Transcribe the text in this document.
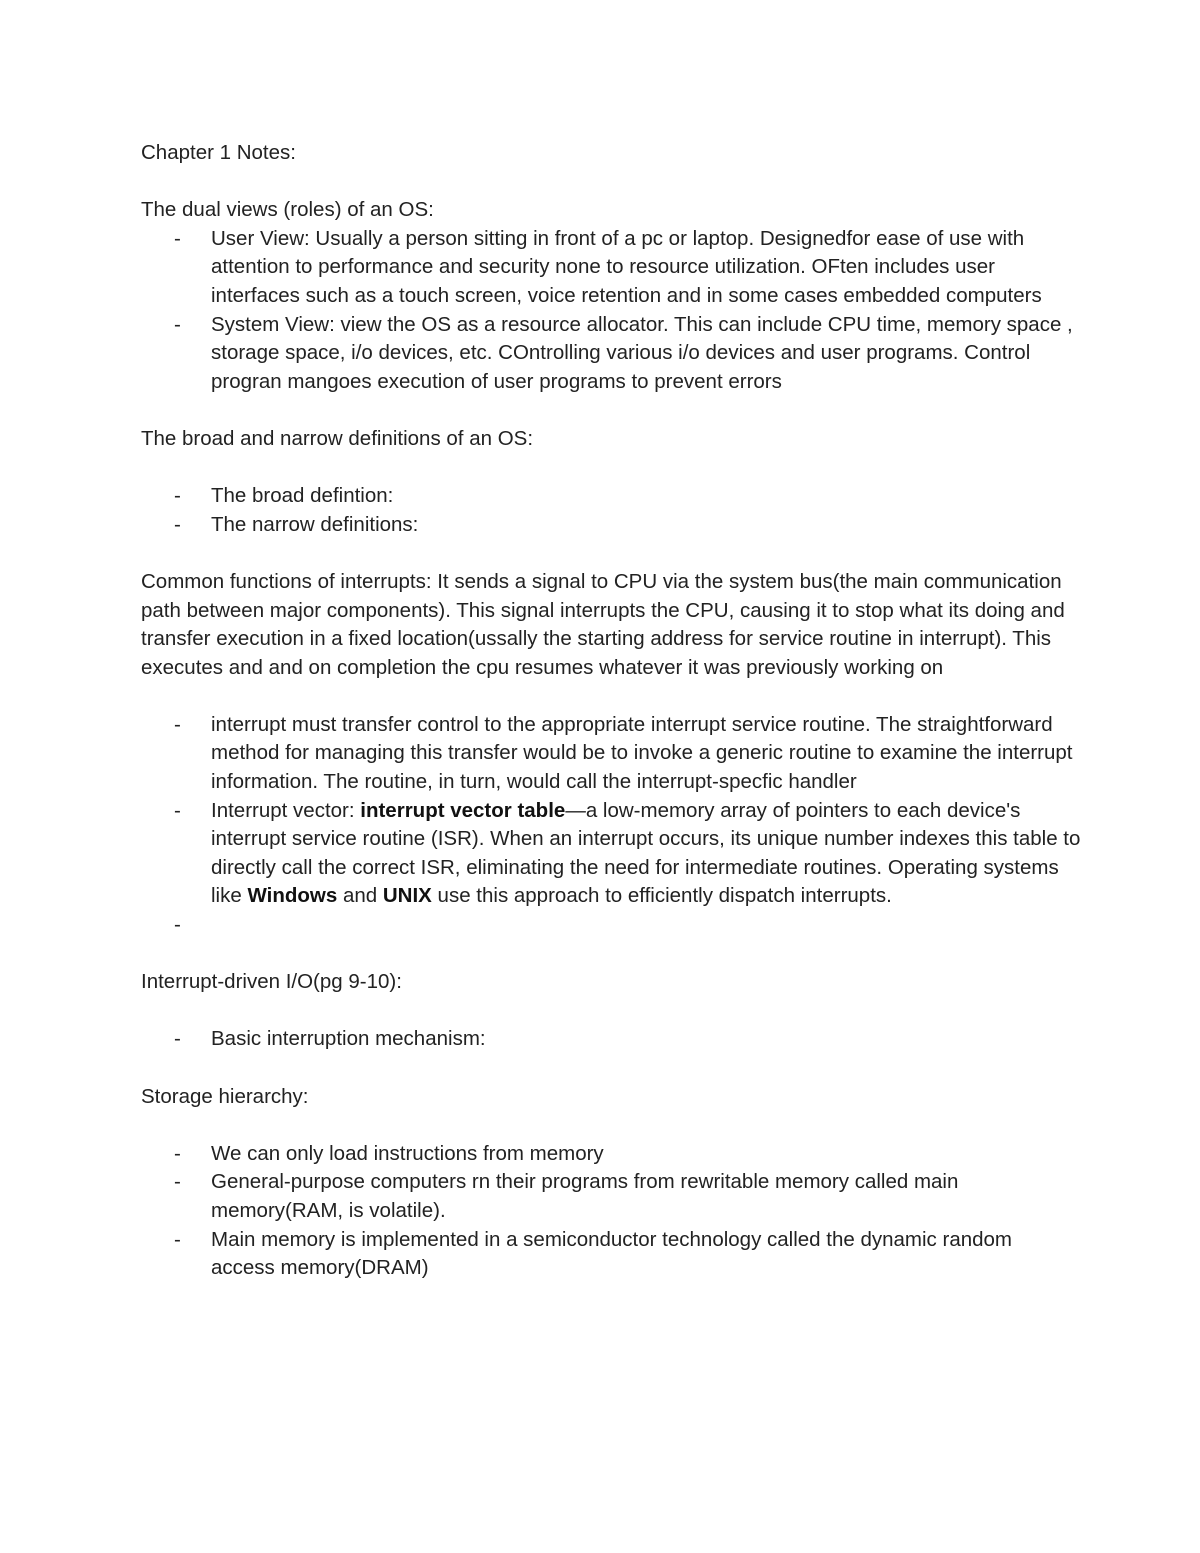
Chapter 1 Notes:

The dual views (roles) of an OS:

- User View: Usually a person sitting in front of a pc or laptop. Designedfor ease of use with attention to performance and security none to resource utilization. OFten includes user interfaces such as a touch screen, voice retention and in some cases embedded computers
- System View: view the OS as a resource allocator. This can include CPU time, memory space , storage space, i/o devices, etc. COntrolling various i/o devices and user programs. Control progran mangoes execution of user programs to prevent errors

The broad and narrow definitions of an OS:

- The broad defintion:
- The narrow definitions:

Common functions of interrupts: It sends a signal to CPU via the system bus(the main communication path between major components). This signal interrupts the CPU, causing it to stop what its doing and transfer execution in a fixed location(ussally the starting address for service routine in interrupt). This executes and and on completion the cpu resumes whatever it was previously working on

- interrupt must transfer control to the appropriate interrupt service routine. The straightforward method for managing this transfer would be to invoke a generic routine to examine the interrupt information. The routine, in turn, would call the interrupt-specfic handler
- Interrupt vector: interrupt vector table—a low-memory array of pointers to each device's interrupt service routine (ISR). When an interrupt occurs, its unique number indexes this table to directly call the correct ISR, eliminating the need for intermediate routines. Operating systems like Windows and UNIX use this approach to efficiently dispatch interrupts.
-

Interrupt-driven I/O(pg 9-10):

- Basic interruption mechanism:

Storage hierarchy:

- We can only load instructions from memory
- General-purpose computers rn their programs from rewritable memory called main memory(RAM, is volatile).
- Main memory is implemented in a semiconductor technology called the dynamic random access memory(DRAM)
